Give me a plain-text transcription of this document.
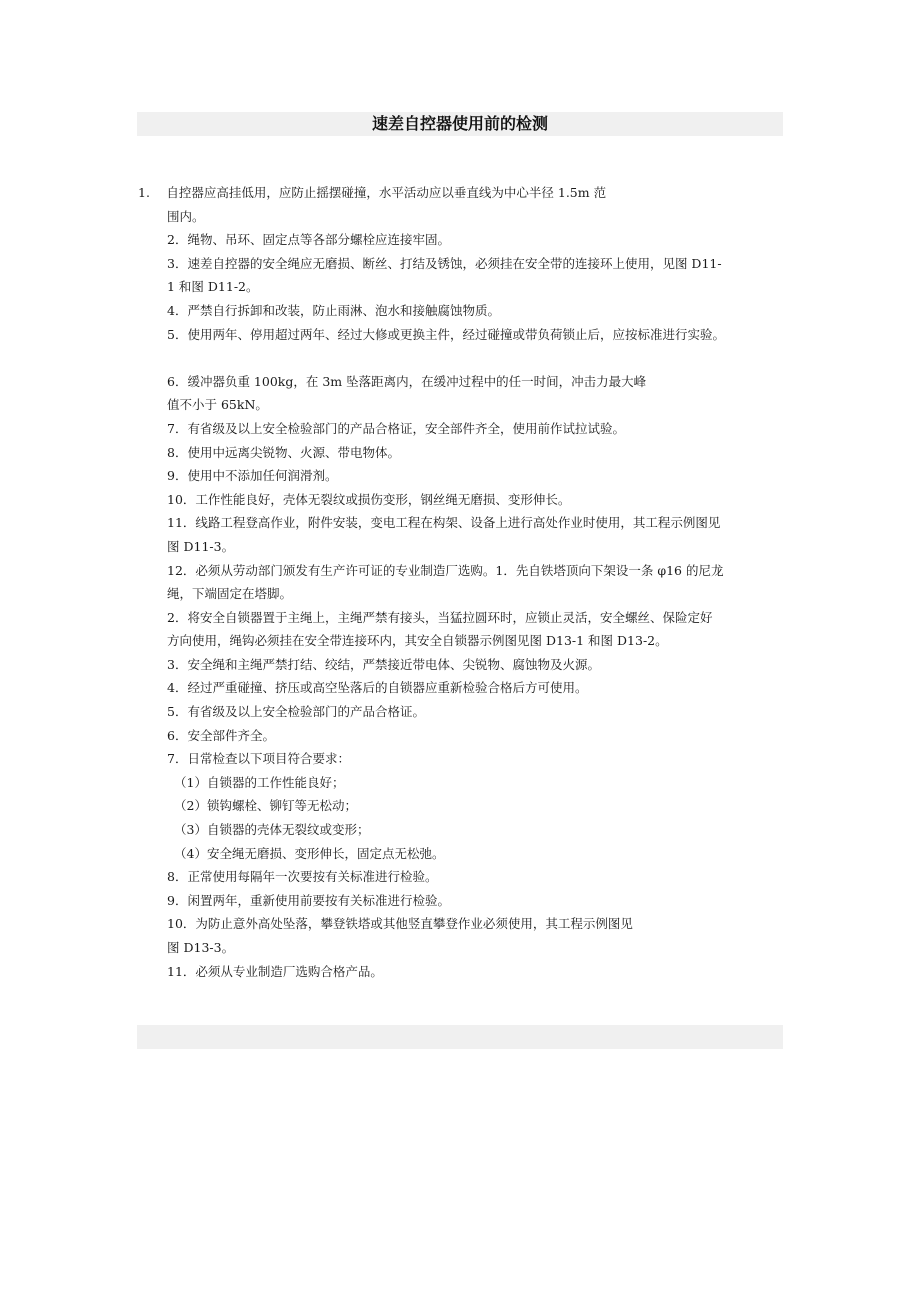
速差自控器使用前的检测
1.　 自控器应高挂低用，应防止摇摆碰撞，水平活动应以垂直线为中心半径 1.5m 范
围内。
2．绳物、吊环、固定点等各部分螺栓应连接牢固。
3．速差自控器的安全绳应无磨损、断丝、打结及锈蚀，必须挂在安全带的连接环上使用，见图 D11-
1 和图 D11-2。
4．严禁自行拆卸和改装，防止雨淋、泡水和接触腐蚀物质。
5．使用两年、停用超过两年、经过大修或更换主件，经过碰撞或带负荷锁止后，应按标准进行实验。
6．缓冲器负重 100kg，在 3m 坠落距离内，在缓冲过程中的任一时间，冲击力最大峰
值不小于 65kN。
7．有省级及以上安全检验部门的产品合格证，安全部件齐全，使用前作试拉试验。
8．使用中远离尖锐物、火源、带电物体。
9．使用中不添加任何润滑剂。
10．工作性能良好，壳体无裂纹或损伤变形，钢丝绳无磨损、变形伸长。
11．线路工程登高作业，附件安装，变电工程在构架、设备上进行高处作业时使用，其工程示例图见
图 D11-3。
12．必须从劳动部门颁发有生产许可证的专业制造厂选购。1．先自铁塔顶向下架设一条 φ16 的尼龙
绳，下端固定在塔脚。
2．将安全自锁器置于主绳上，主绳严禁有接头，当猛拉圆环时，应锁止灵活，安全螺丝、保险定好
方向使用，绳钩必须挂在安全带连接环内，其安全自锁器示例图见图 D13-1 和图 D13-2。
3．安全绳和主绳严禁打结、绞结，严禁接近带电体、尖锐物、腐蚀物及火源。
4．经过严重碰撞、挤压或高空坠落后的自锁器应重新检验合格后方可使用。
5．有省级及以上安全检验部门的产品合格证。
6．安全部件齐全。
7．日常检查以下项目符合要求：
（1）自锁器的工作性能良好；
（2）锁钩螺栓、铆钉等无松动；
（3）自锁器的壳体无裂纹或变形；
（4）安全绳无磨损、变形伸长，固定点无松弛。
8．正常使用每隔年一次要按有关标准进行检验。
9．闲置两年，重新使用前要按有关标准进行检验。
10．为防止意外高处坠落，攀登铁塔或其他竖直攀登作业必须使用，其工程示例图见
图 D13-3。
11．必须从专业制造厂选购合格产品。
